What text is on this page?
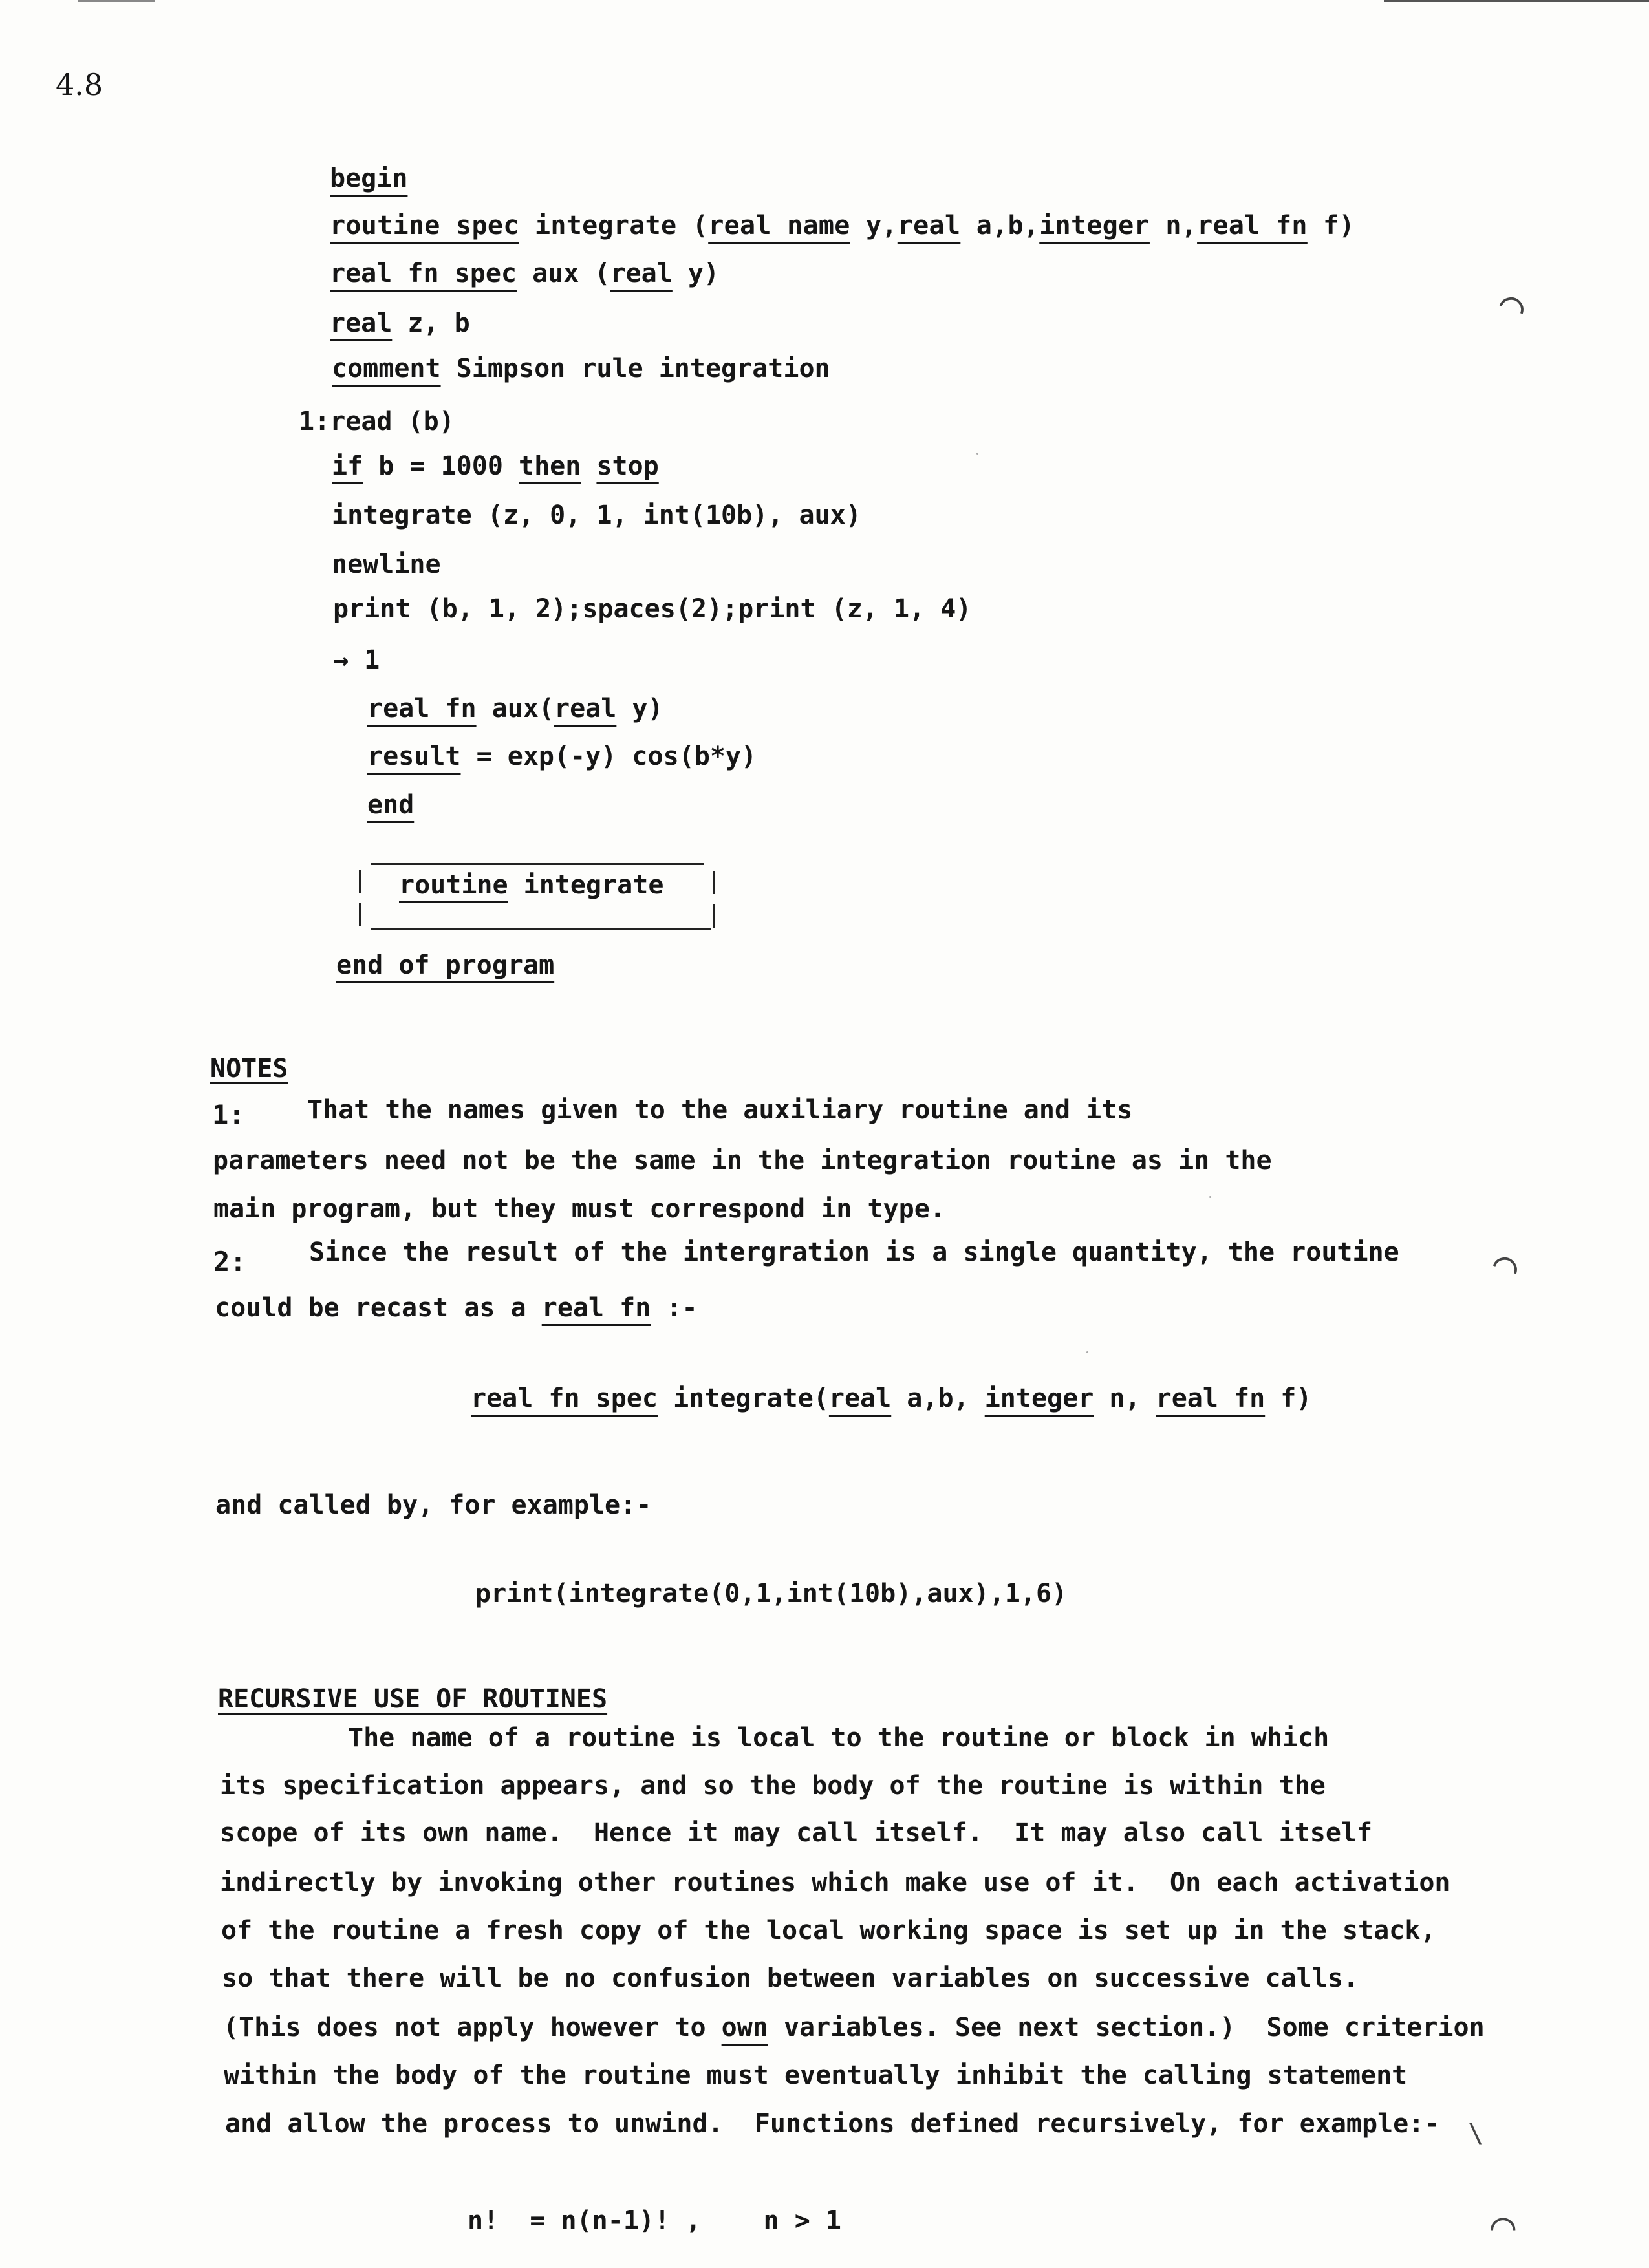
⌒
⌒
⌒
\
4.8
begin
routine spec integrate (real name y,real a,b,integer n,real fn f)
real fn spec aux (real y)
real z, b
comment Simpson rule integration
1:read (b)
if b = 1000 then stop
integrate (z, 0, 1, int(10b), aux)
newline
print (b, 1, 2);spaces(2);print (z, 1, 4)
→ 1
real fn aux(real y)
result = exp(-y) cos(b*y)
end
routine integrate
end of program
NOTES
1: That the names given to the auxiliary routine and its
parameters need not be the same in the integration routine as in the
main program, but they must correspond in type.
2: Since the result of the intergration is a single quantity, the routine
could be recast as a real fn :-
real fn spec integrate(real a,b, integer n, real fn f)
and called by, for example:-
print(integrate(0,1,int(10b),aux),1,6)
RECURSIVE USE OF ROUTINES
The name of a routine is local to the routine or block in which
its specification appears, and so the body of the routine is within the
scope of its own name.  Hence it may call itself.  It may also call itself
indirectly by invoking other routines which make use of it.  On each activation
of the routine a fresh copy of the local working space is set up in the stack,
so that there will be no confusion between variables on successive calls.
(This does not apply however to own variables. See next section.)  Some criterion
within the body of the routine must eventually inhibit the calling statement
and allow the process to unwind.  Functions defined recursively, for example:-
n!  = n(n-1)! ,    n > 1
